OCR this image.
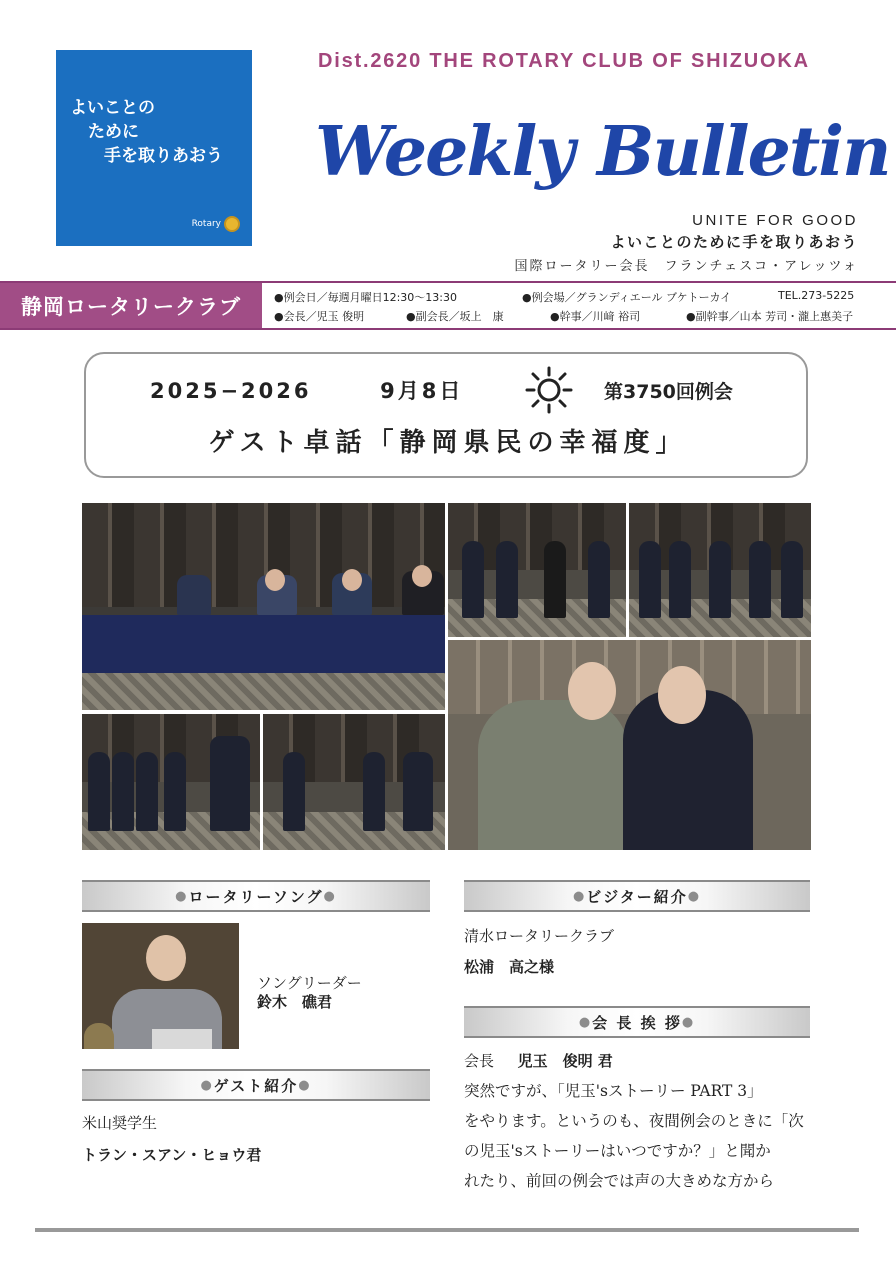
よいことの
ために
手を取りあおう
Rotary
Dist.2620 THE ROTARY CLUB OF SHIZUOKA
Weekly Bulletin
UNITE FOR GOOD
よいことのために手を取りあおう
国際ロータリー会長　フランチェスコ・アレッツォ
静岡ロータリークラブ	●例会日／毎週月曜日12:30～13:30	●例会場／グランディエール ブケトーカイ	TEL.273-5225
●会長／児玉 俊明	●副会長／坂上　康	●幹事／川﨑 裕司	●副幹事／山本 芳司・瀧上惠美子
2025−2026	9月8日	第3750回例会
ゲスト卓話「静岡県民の幸福度」
● ロータリーソング ●
ソングリーダー
鈴木　礁君
● ゲスト紹介 ●
米山奨学生
トラン・スアン・ヒョウ君
● ビジター紹介 ●
清水ロータリークラブ
松浦　高之様
● 会 長 挨 拶 ●
会長 児玉　俊明 君

突然ですが、「児玉'sストーリー PART 3」

をやります。というのも、夜間例会のときに「次

の児玉'sストーリーはいつですか？」と聞か

れたり、前回の例会では声の大きめな方から
